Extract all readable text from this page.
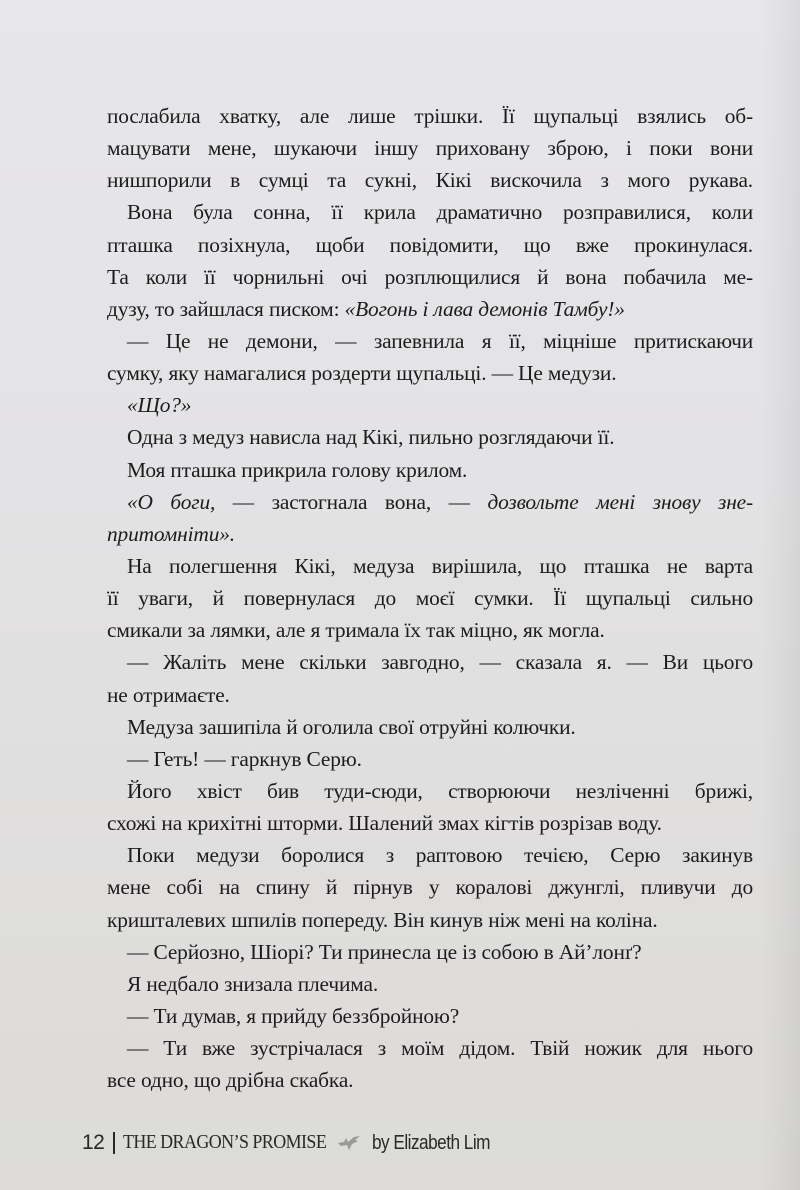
послабила хватку, але лише трішки. Її щупальці взялись об-
мацувати мене, шукаючи іншу приховану зброю, і поки вони
нишпорили в сумці та сукні, Кікі вискочила з мого рукава.
Вона була сонна, її крила драматично розправилися, коли
пташка позіхнула, щоби повідомити, що вже прокинулася.
Та коли її чорнильні очі розплющилися й вона побачила ме-
дузу, то зайшлася писком: «Вогонь і лава демонів Тамбу!»
— Це не демони, — запевнила я її, міцніше притискаючи
сумку, яку намагалися роздерти щупальці. — Це медузи.
«Що?»
Одна з медуз нависла над Кікі, пильно розглядаючи її.
Моя пташка прикрила голову крилом.
«О боги, — застогнала вона, — дозвольте мені знову зне-
притомніти».
На полегшення Кікі, медуза вирішила, що пташка не варта
її уваги, й повернулася до моєї сумки. Її щупальці сильно
смикали за лямки, але я тримала їх так міцно, як могла.
— Жаліть мене скільки завгодно, — сказала я. — Ви цього
не отримаєте.
Медуза зашипіла й оголила свої отруйні колючки.
— Геть! — гаркнув Серю.
Його хвіст бив туди-сюди, створюючи незліченні брижі,
схожі на крихітні шторми. Шалений змах кігтів розрізав воду.
Поки медузи боролися з раптовою течією, Серю закинув
мене собі на спину й пірнув у коралові джунглі, пливучи до
кришталевих шпилів попереду. Він кинув ніж мені на коліна.
— Серйозно, Шіорі? Ти принесла це із собою в Ай’лонґ?
Я недбало знизала плечима.
— Ти думав, я прийду беззбройною?
— Ти вже зустрічалася з моїм дідом. Твій ножик для нього
все одно, що дрібна скабка.
12 THE DRAGON’S PROMISE by Elizabeth Lim
